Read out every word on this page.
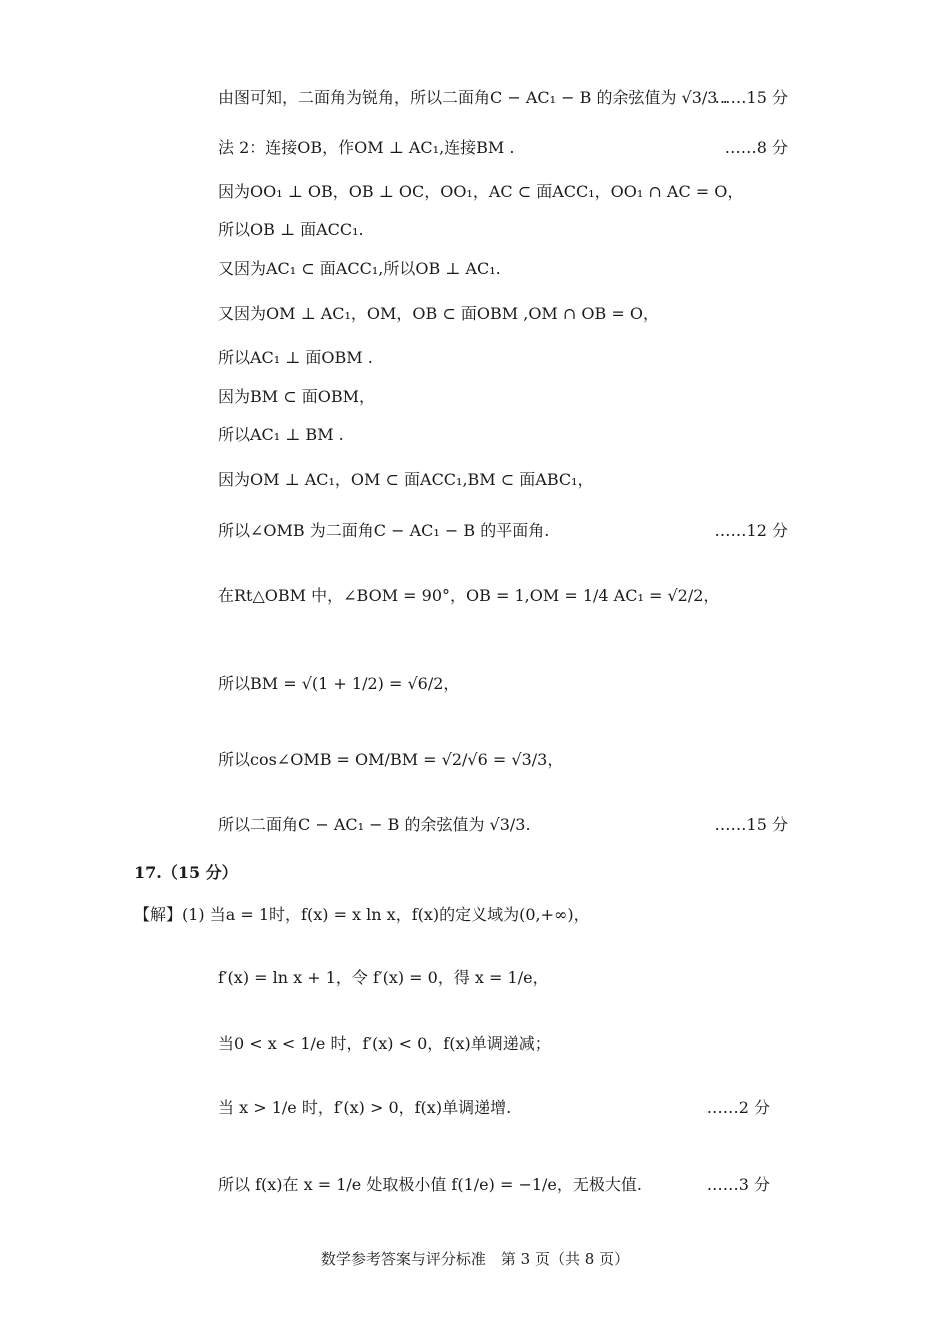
由图可知，二面角为锐角，所以二面角C − AC₁ − B 的余弦值为 √3/3 .
……15 分
法 2：连接OB，作OM ⊥ AC₁,连接BM .	……8 分
因为OO₁ ⊥ OB，OB ⊥ OC，OO₁，AC ⊂ 面ACC₁，OO₁ ∩ AC = O，
所以OB ⊥ 面ACC₁.
又因为AC₁ ⊂ 面ACC₁,所以OB ⊥ AC₁.
又因为OM ⊥ AC₁，OM，OB ⊂ 面OBM ,OM ∩ OB = O，
所以AC₁ ⊥ 面OBM .
因为BM ⊂ 面OBM，
所以AC₁ ⊥ BM .
因为OM ⊥ AC₁，OM ⊂ 面ACC₁,BM ⊂ 面ABC₁，
所以∠OMB 为二面角C − AC₁ − B 的平面角.	……12 分
在Rt△OBM 中，∠BOM = 90°，OB = 1,OM = 1/4 AC₁ = √2/2，
所以BM = √(1 + 1/2) = √6/2，
所以cos∠OMB = OM/BM = √2/√6 = √3/3，
所以二面角C − AC₁ − B 的余弦值为 √3/3.	……15 分
17.（15 分）
【解】(1) 当a = 1时，f(x) = x ln x，f(x)的定义域为(0,+∞)，
f′(x) = ln x + 1，令 f′(x) = 0，得 x = 1/e，
当0 < x < 1/e 时，f′(x) < 0，f(x)单调递减；
当 x > 1/e 时，f′(x) > 0，f(x)单调递增.	……2 分
所以 f(x)在 x = 1/e 处取极小值 f(1/e) = −1/e，无极大值.	……3 分
数学参考答案与评分标准　第 3 页（共 8 页）
